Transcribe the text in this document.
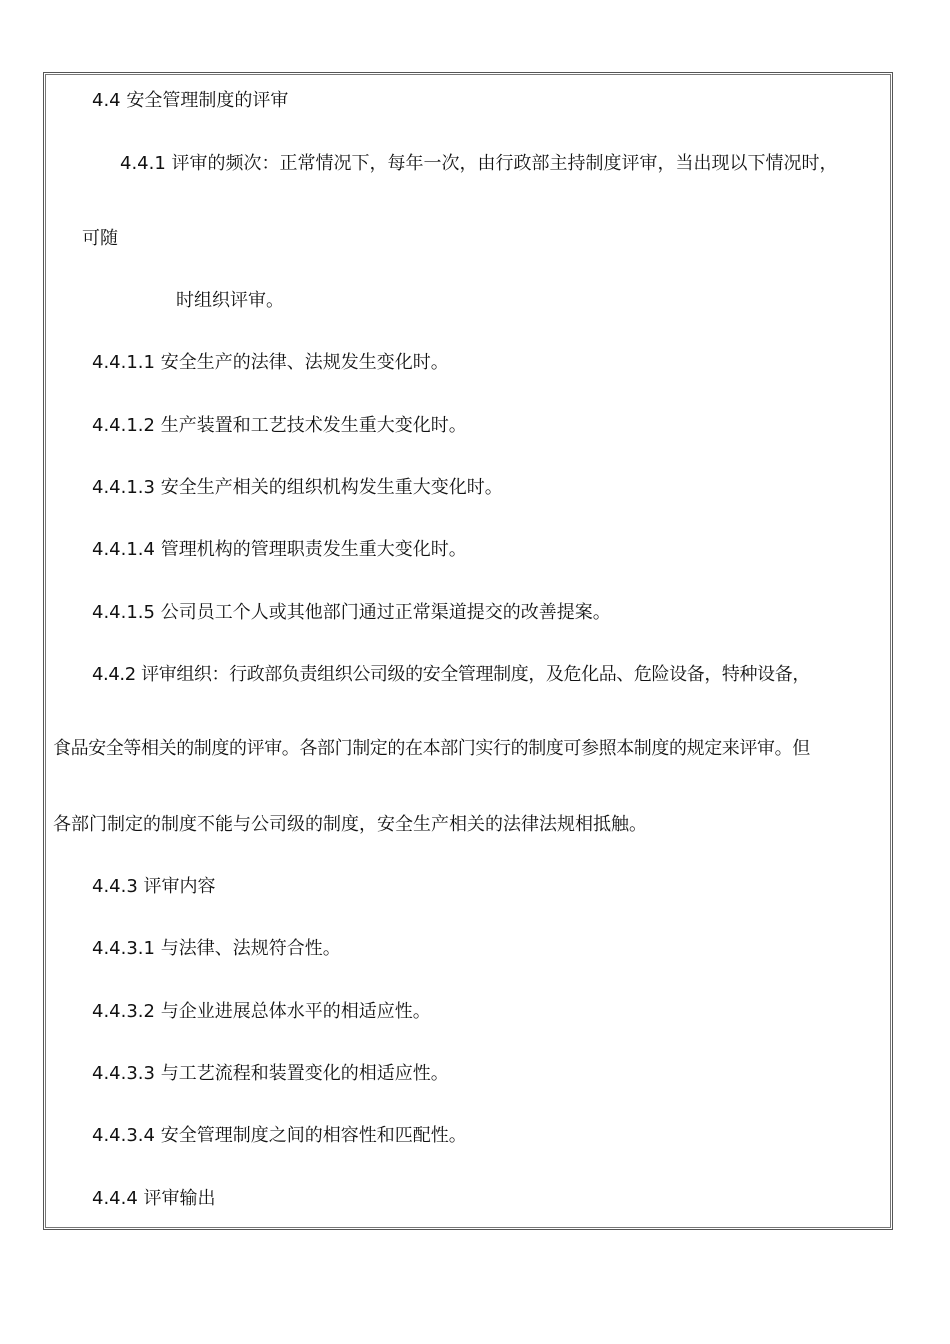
4.4 安全管理制度的评审
4.4.1 评审的频次：正常情况下，每年一次，由行政部主持制度评审，当出现以下情况时，
可随
时组织评审。
4.4.1.1 安全生产的法律、法规发生变化时。
4.4.1.2 生产装置和工艺技术发生重大变化时。
4.4.1.3 安全生产相关的组织机构发生重大变化时。
4.4.1.4 管理机构的管理职责发生重大变化时。
4.4.1.5 公司员工个人或其他部门通过正常渠道提交的改善提案。
4.4.2 评审组织：行政部负责组织公司级的安全管理制度，及危化品、危险设备，特种设备，
食品安全等相关的制度的评审。各部门制定的在本部门实行的制度可参照本制度的规定来评审。但
各部门制定的制度不能与公司级的制度，安全生产相关的法律法规相抵触。
4.4.3 评审内容
4.4.3.1 与法律、法规符合性。
4.4.3.2 与企业进展总体水平的相适应性。
4.4.3.3 与工艺流程和装置变化的相适应性。
4.4.3.4 安全管理制度之间的相容性和匹配性。
4.4.4 评审输出
